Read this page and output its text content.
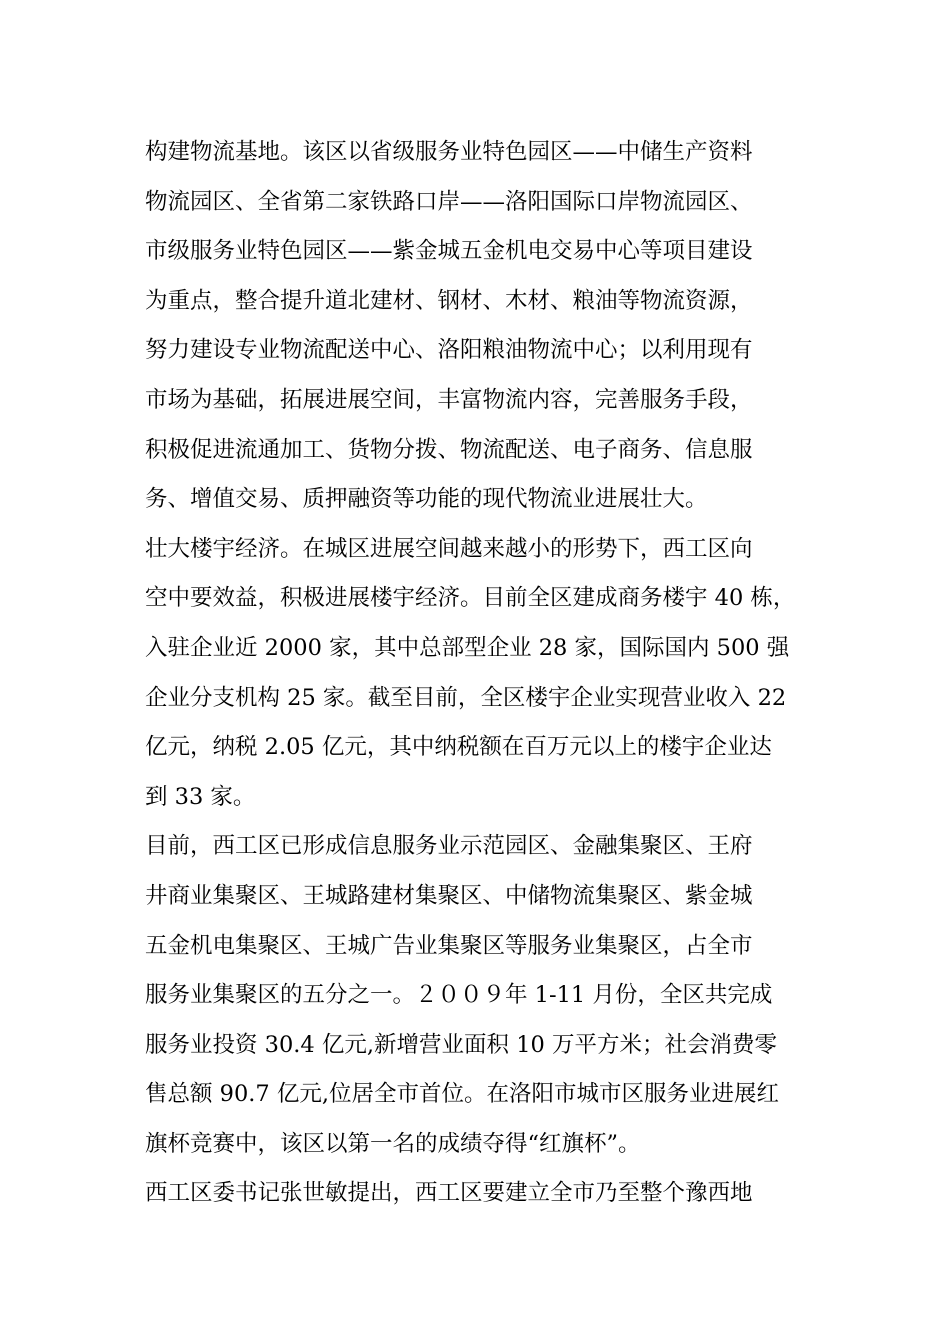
构建物流基地。该区以省级服务业特色园区——中储生产资料
物流园区、全省第二家铁路口岸——洛阳国际口岸物流园区、
市级服务业特色园区——紫金城五金机电交易中心等项目建设
为重点，整合提升道北建材、钢材、木材、粮油等物流资源，
努力建设专业物流配送中心、洛阳粮油物流中心；以利用现有
市场为基础，拓展进展空间，丰富物流内容，完善服务手段，
积极促进流通加工、货物分拨、物流配送、电子商务、信息服
务、增值交易、质押融资等功能的现代物流业进展壮大。

壮大楼宇经济。在城区进展空间越来越小的形势下，西工区向
空中要效益，积极进展楼宇经济。目前全区建成商务楼宇 40 栋，
入驻企业近 2000 家，其中总部型企业 28 家，国际国内 500 强
企业分支机构 25 家。截至目前，全区楼宇企业实现营业收入 22
亿元，纳税 2.05 亿元，其中纳税额在百万元以上的楼宇企业达
到 33 家。

目前，西工区已形成信息服务业示范园区、金融集聚区、王府
井商业集聚区、王城路建材集聚区、中储物流集聚区、紫金城
五金机电集聚区、王城广告业集聚区等服务业集聚区，占全市
服务业集聚区的五分之一。２００９年 1-11 月份，全区共完成
服务业投资 30.4 亿元,新增营业面积 10 万平方米；社会消费零
售总额 90.7 亿元,位居全市首位。在洛阳市城市区服务业进展红
旗杯竞赛中，该区以第一名的成绩夺得“红旗杯”。

西工区委书记张世敏提出，西工区要建立全市乃至整个豫西地
